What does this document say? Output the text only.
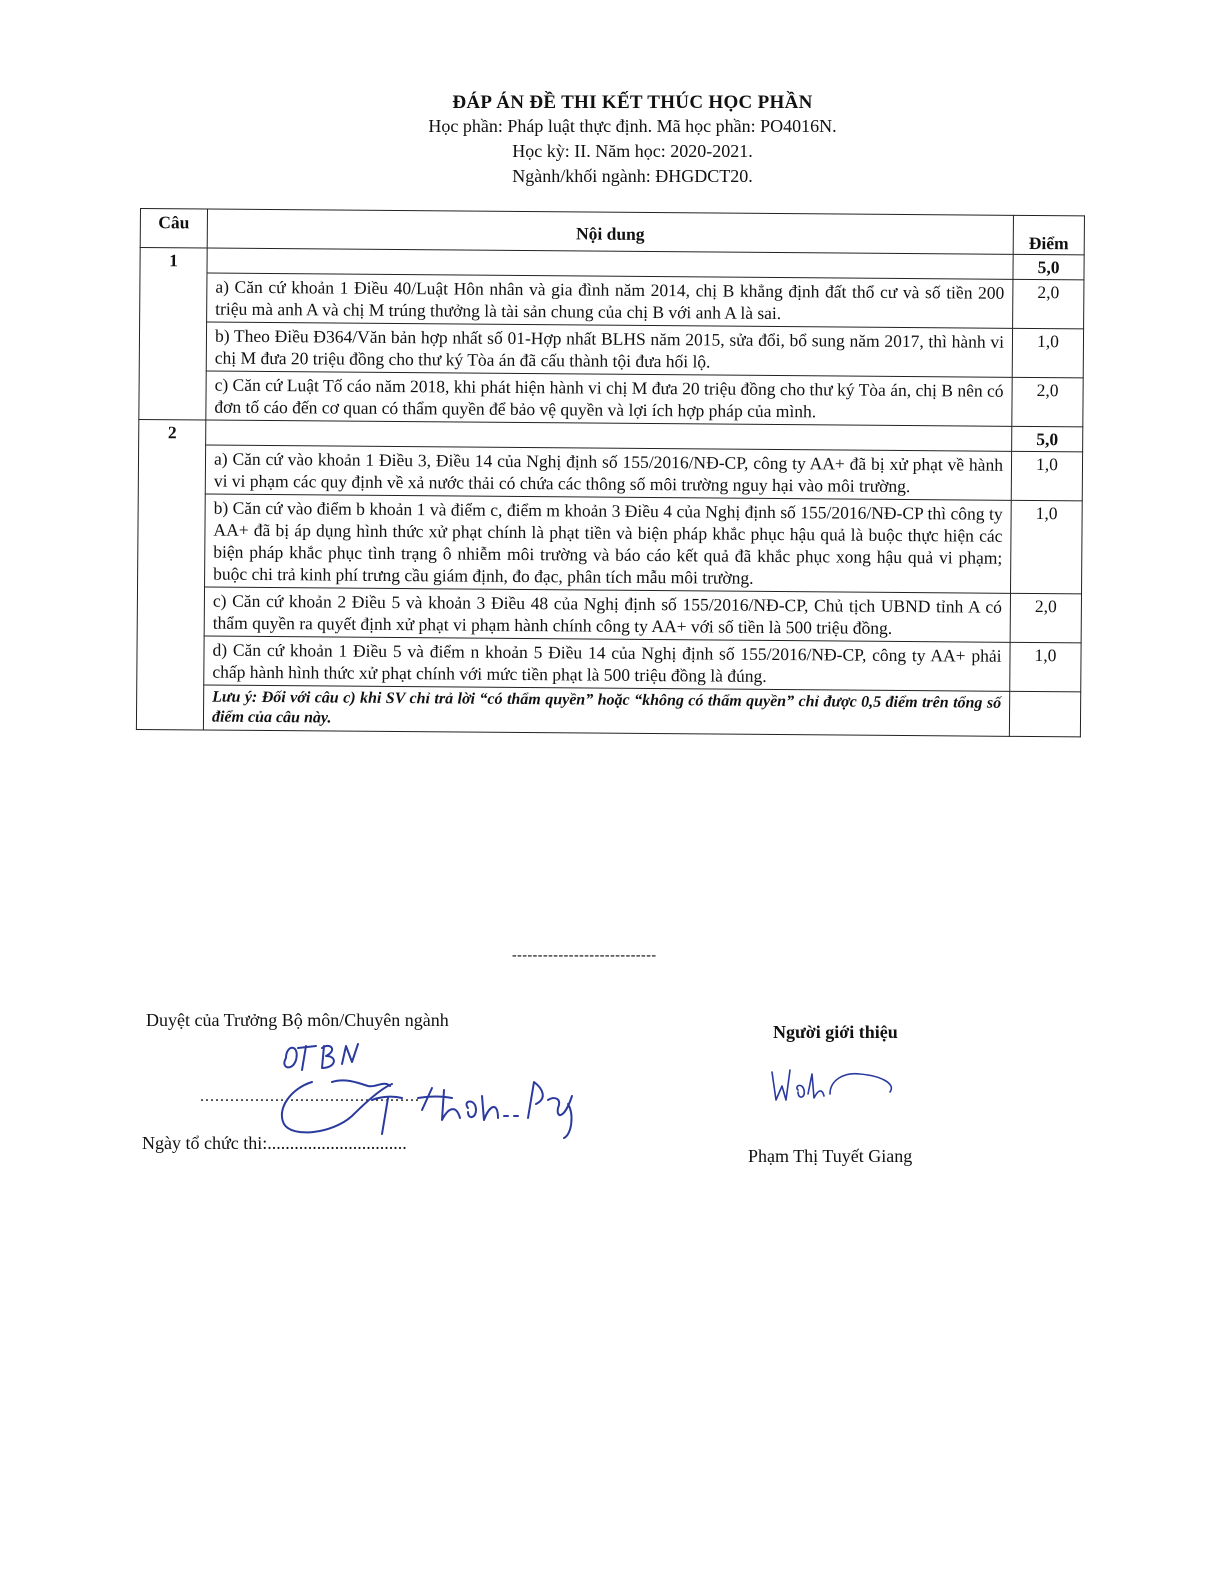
ĐÁP ÁN ĐỀ THI KẾT THÚC HỌC PHẦN
Học phần: Pháp luật thực định. Mã học phần: PO4016N.
Học kỳ: II. Năm học: 2020-2021.
Ngành/khối ngành: ĐHGDCT20.
Câu	Nội dung	Điểm
1		5,0
	a) Căn cứ khoản 1 Điều 40/Luật Hôn nhân và gia đình năm 2014, chị B khẳng định đất thổ cư và số tiền 200 triệu mà anh A và chị M trúng thưởng là tài sản chung của chị B với anh A là sai.	2,0
	b) Theo Điều Đ364/Văn bản hợp nhất số 01-Hợp nhất BLHS năm 2015, sửa đổi, bổ sung năm 2017, thì hành vi chị M đưa 20 triệu đồng cho thư ký Tòa án đã cấu thành tội đưa hối lộ.	1,0
	c) Căn cứ Luật Tố cáo năm 2018, khi phát hiện hành vi chị M đưa 20 triệu đồng cho thư ký Tòa án, chị B nên có đơn tố cáo đến cơ quan có thẩm quyền để bảo vệ quyền và lợi ích hợp pháp của mình.	2,0
2		5,0
	a) Căn cứ vào khoản 1 Điều 3, Điều 14 của Nghị định số 155/2016/NĐ-CP, công ty AA+ đã bị xử phạt về hành vi vi phạm các quy định về xả nước thải có chứa các thông số môi trường nguy hại vào môi trường.	1,0
	b) Căn cứ vào điểm b khoản 1 và điểm c, điểm m khoản 3 Điều 4 của Nghị định số 155/2016/NĐ-CP thì công ty AA+ đã bị áp dụng hình thức xử phạt chính là phạt tiền và biện pháp khắc phục hậu quả là buộc thực hiện các biện pháp khắc phục tình trạng ô nhiễm môi trường và báo cáo kết quả đã khắc phục xong hậu quả vi phạm; buộc chi trả kinh phí trưng cầu giám định, đo đạc, phân tích mẫu môi trường.	1,0
	c) Căn cứ khoản 2 Điều 5 và khoản 3 Điều 48 của Nghị định số 155/2016/NĐ-CP, Chủ tịch UBND tỉnh A có thẩm quyền ra quyết định xử phạt vi phạm hành chính công ty AA+ với số tiền là 500 triệu đồng.	2,0
	d) Căn cứ khoản 1 Điều 5 và điểm n khoản 5 Điều 14 của Nghị định số 155/2016/NĐ-CP, công ty AA+ phải chấp hành hình thức xử phạt chính với mức tiền phạt là 500 triệu đồng là đúng.	1,0
	Lưu ý: Đối với câu c) khi SV chỉ trả lời “có thẩm quyền” hoặc “không có thẩm quyền” chỉ được 0,5 điểm trên tổng số điểm của câu này.	
----------------------------
Duyệt của Trưởng Bộ môn/Chuyên ngành
............................................
Ngày tổ chức thi:...............................
Người giới thiệu
Phạm Thị Tuyết Giang
